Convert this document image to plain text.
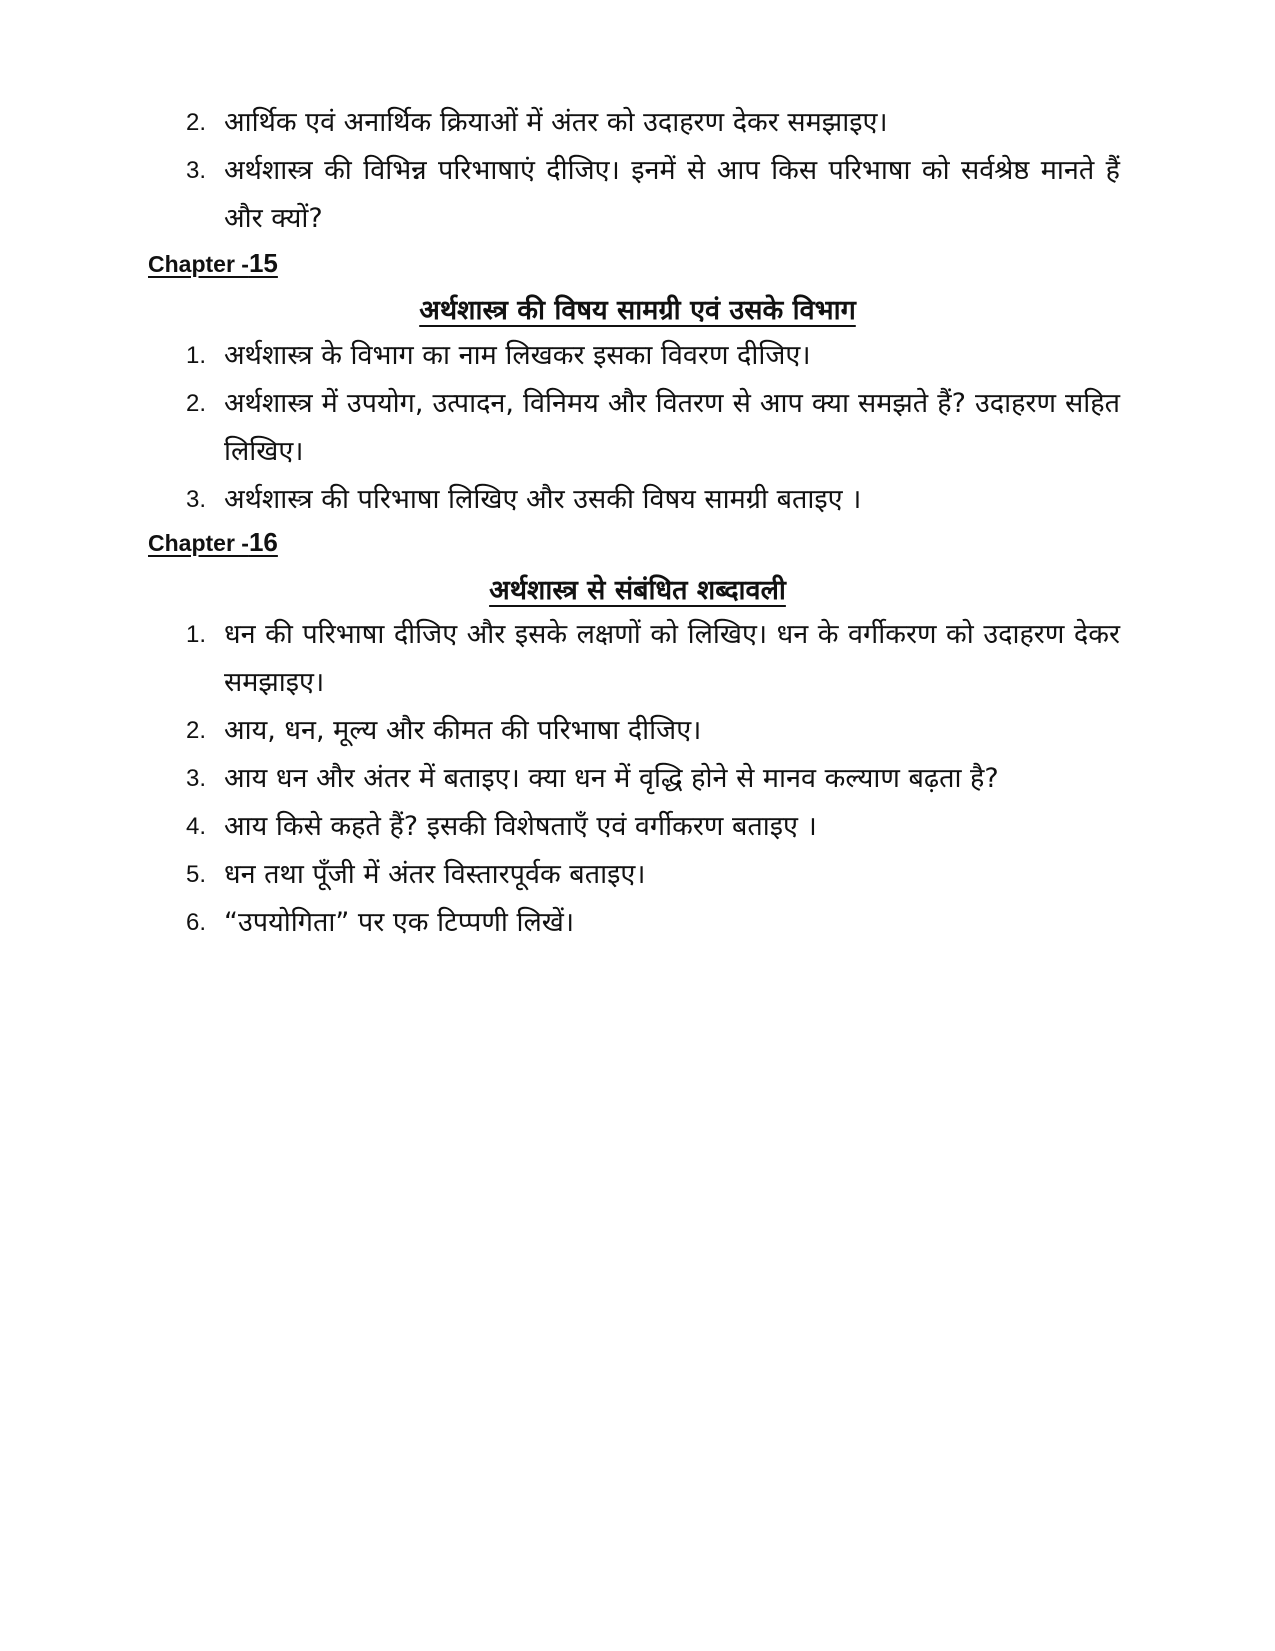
2. आर्थिक एवं अनार्थिक क्रियाओं में अंतर को उदाहरण देकर समझाइए।
3. अर्थशास्त्र की विभिन्न परिभाषाएं दीजिए। इनमें से आप किस परिभाषा को सर्वश्रेष्ठ मानते हैं और क्यों?
Chapter -15
अर्थशास्त्र की विषय सामग्री एवं उसके विभाग
1. अर्थशास्त्र के विभाग का नाम लिखकर इसका विवरण दीजिए।
2. अर्थशास्त्र में उपयोग, उत्पादन, विनिमय और वितरण से आप क्या समझते हैं? उदाहरण सहित लिखिए।
3. अर्थशास्त्र की परिभाषा लिखिए और उसकी विषय सामग्री बताइए ।
Chapter -16
अर्थशास्त्र से संबंधित शब्दावली
1. धन की परिभाषा दीजिए और इसके लक्षणों को लिखिए। धन के वर्गीकरण को उदाहरण देकर समझाइए।
2. आय, धन, मूल्य और कीमत की परिभाषा दीजिए।
3. आय धन और अंतर में बताइए। क्या धन में वृद्धि होने से मानव कल्याण बढ़ता है?
4. आय किसे कहते हैं? इसकी विशेषताएँ एवं वर्गीकरण बताइए ।
5. धन तथा पूँजी में अंतर विस्तारपूर्वक बताइए।
6. “उपयोगिता” पर एक टिप्पणी लिखें।
